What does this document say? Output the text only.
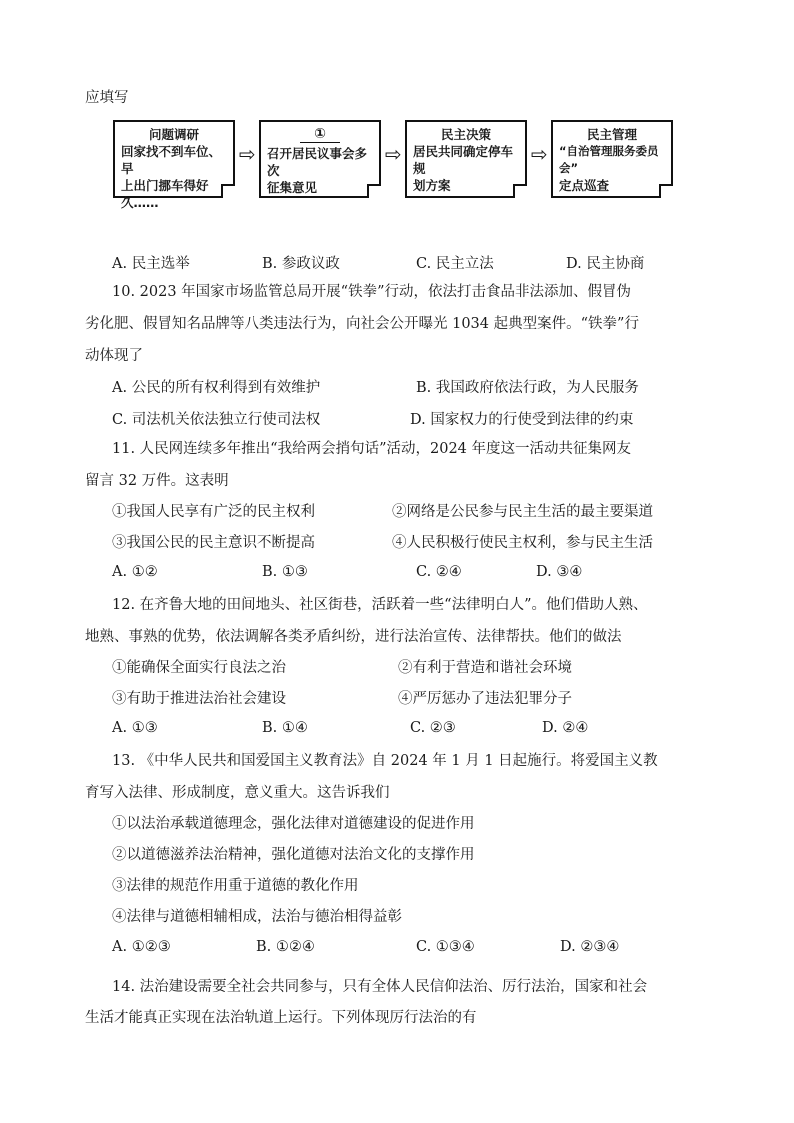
应填写
问题调研
回家找不到车位、早
上出门挪车得好久……
⇨
①
召开居民议事会多次
征集意见
⇨
民主决策
居民共同确定停车规
划方案
⇨
民主管理
“自治管理服务委员会”
定点巡查
A. 民主选举	B. 参政议政	C. 民主立法	D. 民主协商
10. 2023 年国家市场监管总局开展“铁拳”行动，依法打击食品非法添加、假冒伪
劣化肥、假冒知名品牌等八类违法行为，向社会公开曝光 1034 起典型案件。“铁拳”行
动体现了
A. 公民的所有权利得到有效维护	B. 我国政府依法行政，为人民服务
C. 司法机关依法独立行使司法权	D. 国家权力的行使受到法律的约束
11. 人民网连续多年推出“我给两会捎句话”活动，2024 年度这一活动共征集网友
留言 32 万件。这表明
①我国人民享有广泛的民主权利	②网络是公民参与民主生活的最主要渠道
③我国公民的民主意识不断提高	④人民积极行使民主权利，参与民主生活
A. ①②	B. ①③	C. ②④	D. ③④
12. 在齐鲁大地的田间地头、社区街巷，活跃着一些“法律明白人”。他们借助人熟、
地熟、事熟的优势，依法调解各类矛盾纠纷，进行法治宣传、法律帮扶。他们的做法
①能确保全面实行良法之治	②有利于营造和谐社会环境
③有助于推进法治社会建设	④严厉惩办了违法犯罪分子
A. ①③	B. ①④	C. ②③	D. ②④
13. 《中华人民共和国爱国主义教育法》自 2024 年 1 月 1 日起施行。将爱国主义教
育写入法律、形成制度，意义重大。这告诉我们
①以法治承载道德理念，强化法律对道德建设的促进作用
②以道德滋养法治精神，强化道德对法治文化的支撑作用
③法律的规范作用重于道德的教化作用
④法律与道德相辅相成，法治与德治相得益彰
A. ①②③	B. ①②④	C. ①③④	D. ②③④
14. 法治建设需要全社会共同参与，只有全体人民信仰法治、厉行法治，国家和社会
生活才能真正实现在法治轨道上运行。下列体现厉行法治的有
